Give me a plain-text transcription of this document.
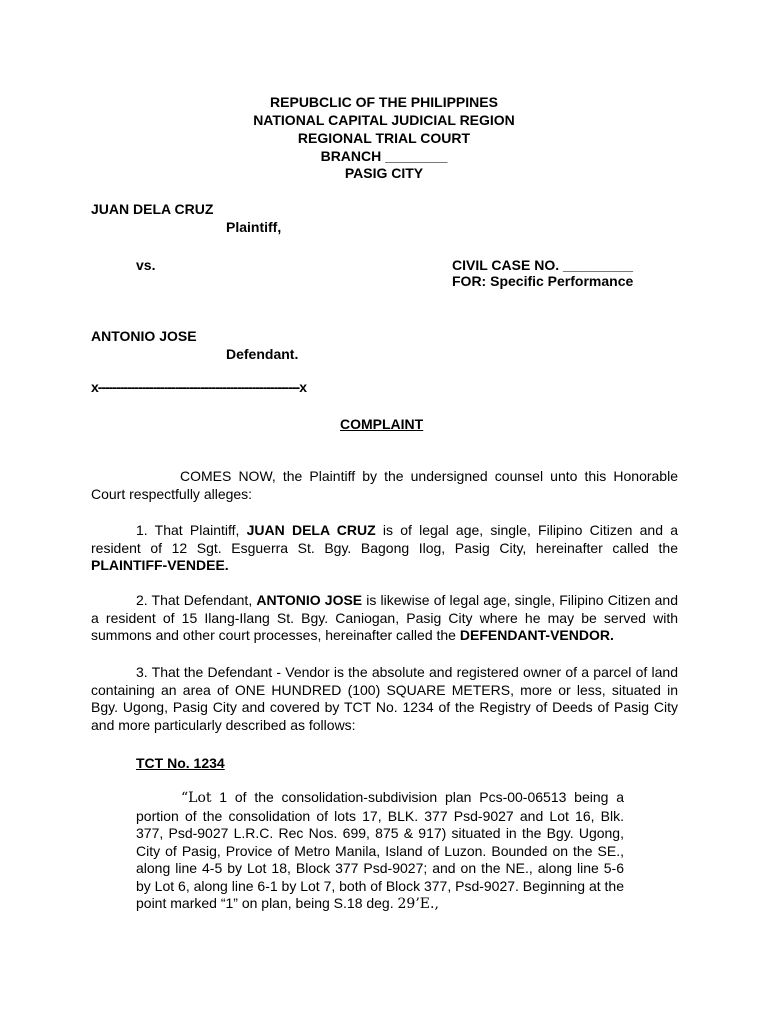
REPUBCLIC OF THE PHILIPPINES
NATIONAL CAPITAL JUDICIAL REGION
REGIONAL TRIAL COURT
BRANCH ________
PASIG CITY
JUAN DELA CRUZ
Plaintiff,
vs.	CIVIL CASE NO. _________
FOR: Specific Performance
ANTONIO JOSE
Defendant.
x-------------------------------------------------------x
COMPLAINT
COMES NOW, the Plaintiff by the undersigned counsel unto this Honorable Court respectfully alleges:
1. That Plaintiff, JUAN DELA CRUZ is of legal age, single, Filipino Citizen and a resident of 12 Sgt. Esguerra St. Bgy. Bagong Ilog, Pasig City, hereinafter called the PLAINTIFF-VENDEE.
2. That Defendant, ANTONIO JOSE is likewise of legal age, single, Filipino Citizen and a resident of 15 Ilang-Ilang St. Bgy. Caniogan, Pasig City where he may be served with summons and other court processes, hereinafter called the DEFENDANT-VENDOR.
3. That the Defendant - Vendor is the absolute and registered owner of a parcel of land containing an area of ONE HUNDRED (100) SQUARE METERS, more or less, situated in Bgy. Ugong, Pasig City and covered by TCT No. 1234 of the Registry of Deeds of Pasig City and more particularly described as follows:
TCT No. 1234
“Lot 1 of the consolidation-subdivision plan Pcs-00-06513 being a portion of the consolidation of lots 17, BLK. 377 Psd-9027 and Lot 16, Blk. 377, Psd-9027 L.R.C. Rec Nos. 699, 875 & 917) situated in the Bgy. Ugong, City of Pasig, Provice of Metro Manila, Island of Luzon. Bounded on the SE., along line 4-5 by Lot 18, Block 377 Psd-9027; and on the NE., along line 5-6 by Lot 6, along line 6-1 by Lot 7, both of Block 377, Psd-9027. Beginning at the point marked “1” on plan, being S.18 deg. 29’E.,
